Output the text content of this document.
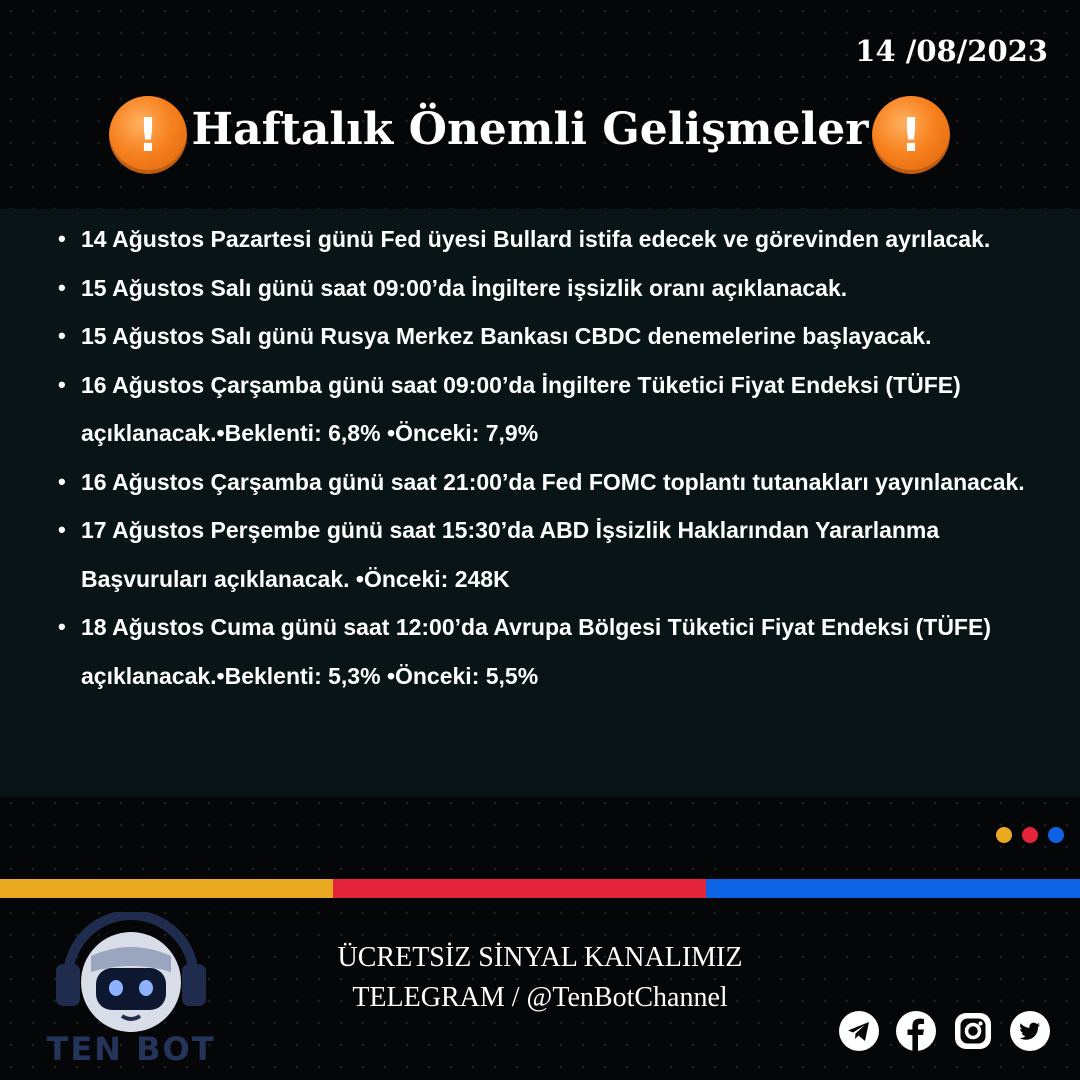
14 /08/2023
! Haftalık Önemli Gelişmeler !
• 14 Ağustos Pazartesi günü Fed üyesi Bullard istifa edecek ve görevinden ayrılacak.
• 15 Ağustos Salı günü saat 09:00’da İngiltere işsizlik oranı açıklanacak.
• 15 Ağustos Salı günü Rusya Merkez Bankası CBDC denemelerine başlayacak.
• 16 Ağustos Çarşamba günü saat 09:00’da İngiltere Tüketici Fiyat Endeksi (TÜFE) açıklanacak.•Beklenti: 6,8% •Önceki: 7,9%
• 16 Ağustos Çarşamba günü saat 21:00’da Fed FOMC toplantı tutanakları yayınlanacak.
• 17 Ağustos Perşembe günü saat 15:30’da ABD İşsizlik Haklarından Yararlanma Başvuruları açıklanacak. •Önceki: 248K
• 18 Ağustos Cuma günü saat 12:00’da Avrupa Bölgesi Tüketici Fiyat Endeksi (TÜFE) açıklanacak.•Beklenti: 5,3% •Önceki: 5,5%
TEN BOT
ÜCRETSİZ SİNYAL KANALIMIZ
TELEGRAM / @TenBotChannel
